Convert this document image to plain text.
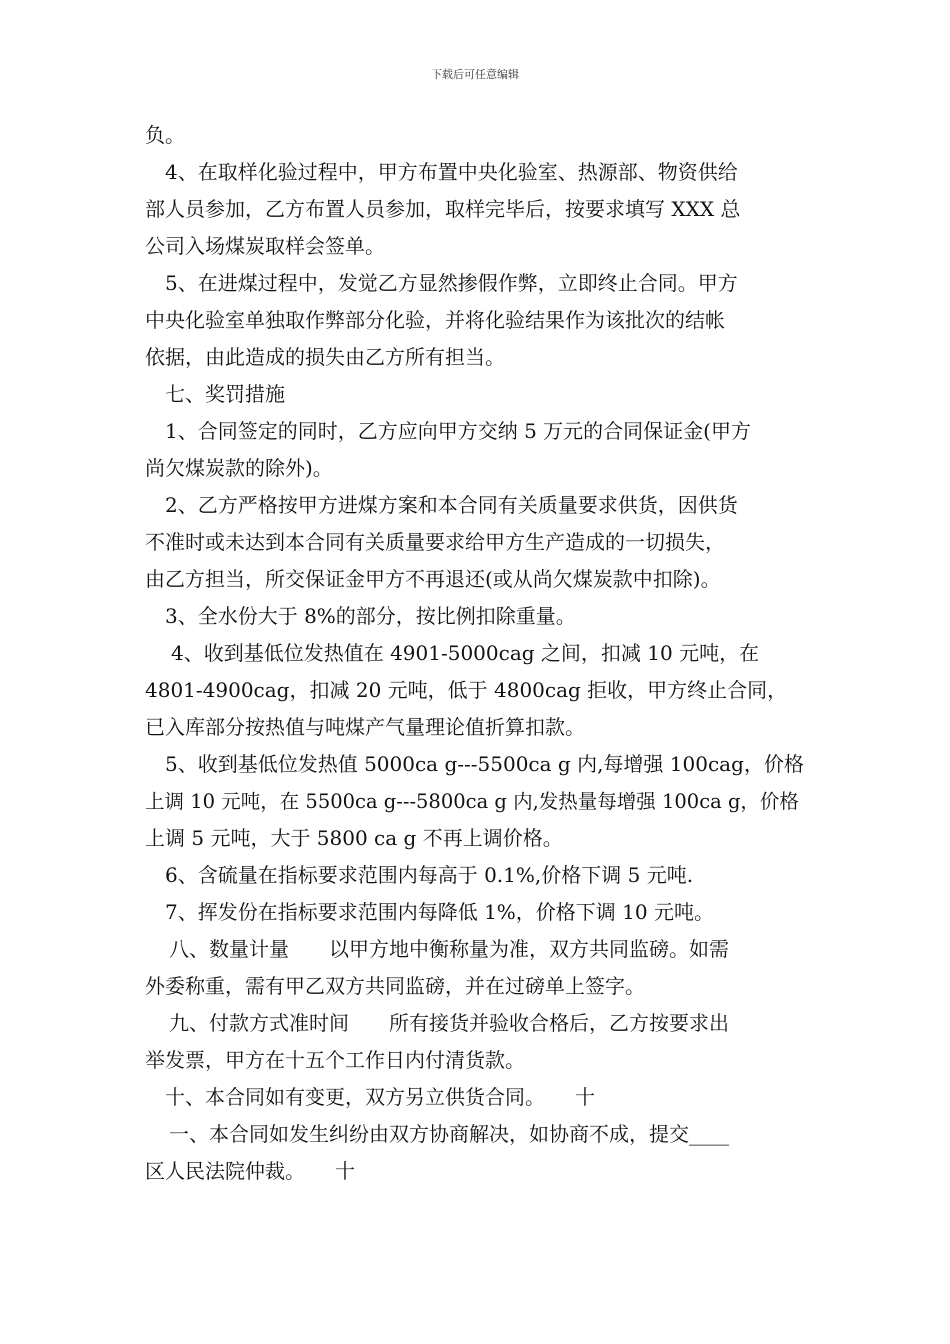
下载后可任意编辑
负。
4、在取样化验过程中，甲方布置中央化验室、热源部、物资供给
部人员参加，乙方布置人员参加，取样完毕后，按要求填写 XXX 总
公司入场煤炭取样会签单。
5、在进煤过程中，发觉乙方显然掺假作弊，立即终止合同。甲方
中央化验室单独取作弊部分化验，并将化验结果作为该批次的结帐
依据，由此造成的损失由乙方所有担当。
七、奖罚措施
1、合同签定的同时，乙方应向甲方交纳 5 万元的合同保证金(甲方
尚欠煤炭款的除外)。
2、乙方严格按甲方进煤方案和本合同有关质量要求供货，因供货
不准时或未达到本合同有关质量要求给甲方生产造成的一切损失，
由乙方担当，所交保证金甲方不再退还(或从尚欠煤炭款中扣除)。
3、全水份大于 8%的部分，按比例扣除重量。
4、收到基低位发热值在 4901-5000cag 之间，扣减 10 元吨，在
4801-4900cag，扣减 20 元吨，低于 4800cag 拒收，甲方终止合同，
已入库部分按热值与吨煤产气量理论值折算扣款。
5、收到基低位发热值 5000ca g---5500ca g 内,每增强 100cag，价格
上调 10 元吨，在 5500ca g---5800ca g 内,发热量每增强 100ca g，价格
上调 5 元吨，大于 5800 ca g 不再上调价格。
6、含硫量在指标要求范围内每高于 0.1%,价格下调 5 元吨.
7、挥发份在指标要求范围内每降低 1%，价格下调 10 元吨。
八、数量计量　　以甲方地中衡称量为准，双方共同监磅。如需
外委称重，需有甲乙双方共同监磅，并在过磅单上签字。
九、付款方式准时间　　所有接货并验收合格后，乙方按要求出
举发票，甲方在十五个工作日内付清货款。
十、本合同如有变更，双方另立供货合同。　　十
一、本合同如发生纠纷由双方协商解决，如协商不成，提交____
区人民法院仲裁。　　十
